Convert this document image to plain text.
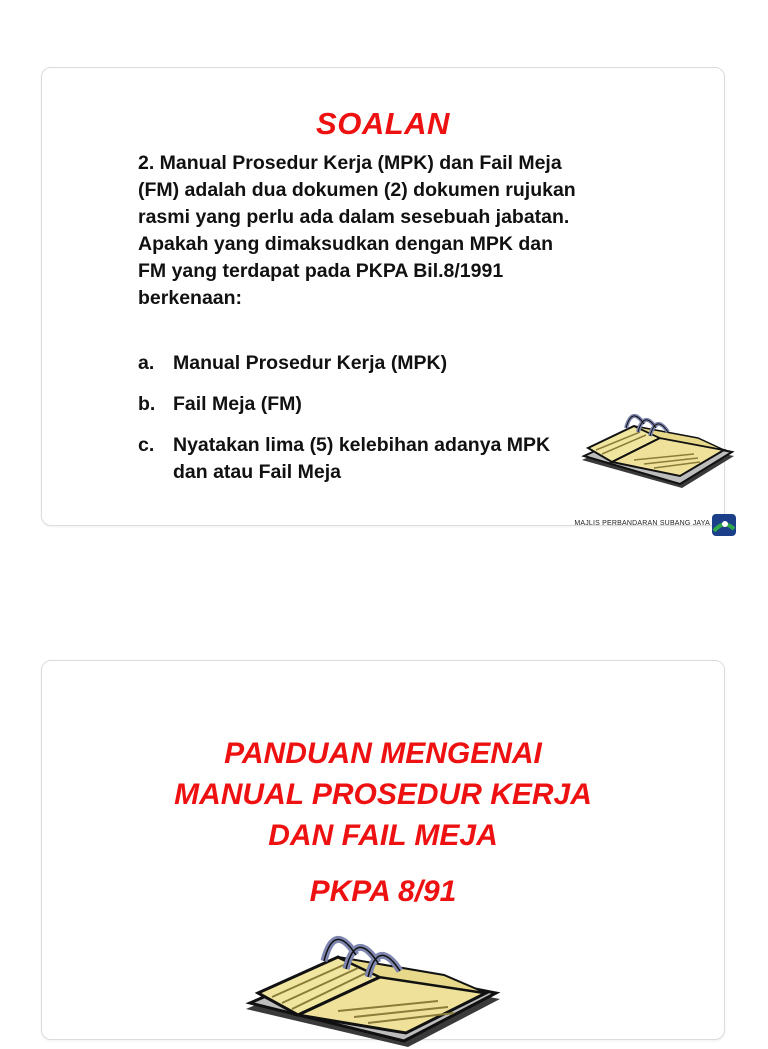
SOALAN
2. Manual Prosedur Kerja (MPK) dan Fail Meja
(FM) adalah dua dokumen (2) dokumen rujukan
rasmi yang perlu ada dalam sesebuah jabatan.
Apakah yang dimaksudkan dengan MPK dan
FM yang terdapat pada PKPA Bil.8/1991
berkenaan:
a. Manual Prosedur Kerja (MPK)
b. Fail Meja (FM)
c. Nyatakan lima (5) kelebihan adanya MPK dan atau Fail Meja
MAJLIS PERBANDARAN SUBANG JAYA
PANDUAN MENGENAI
MANUAL PROSEDUR KERJA
DAN FAIL MEJA
PKPA 8/91
